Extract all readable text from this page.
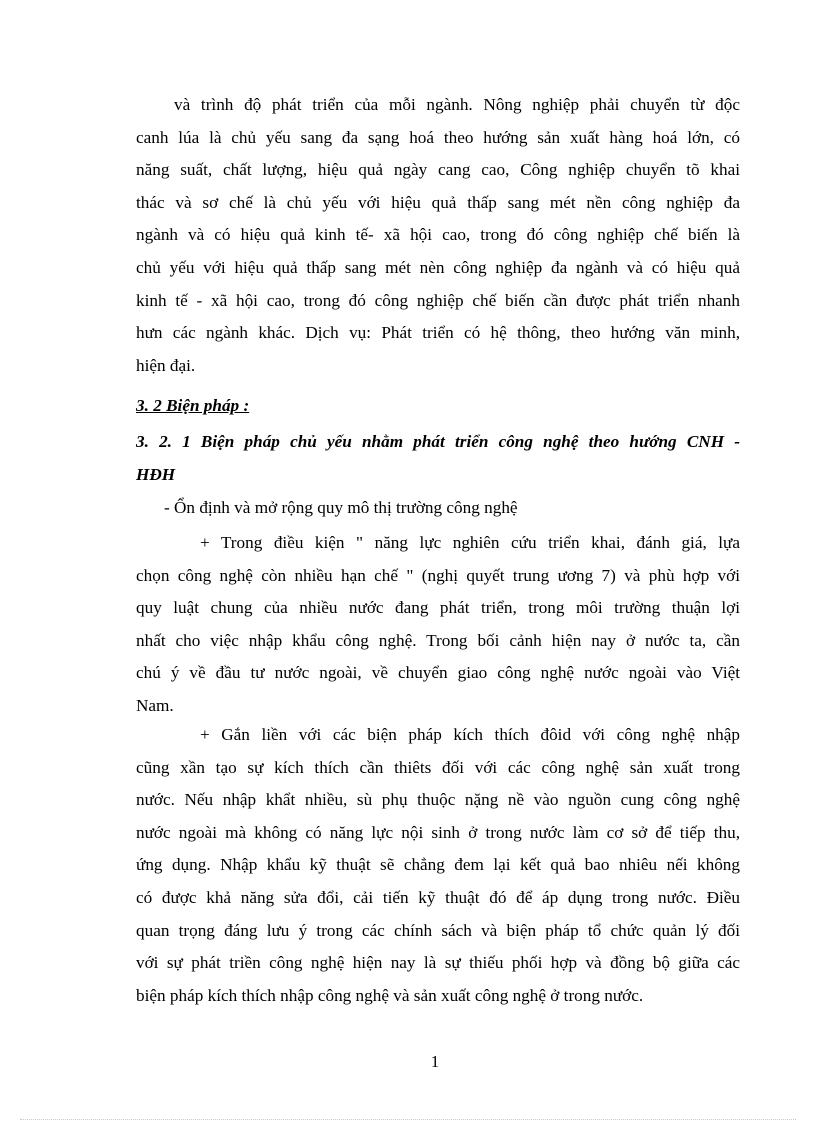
và trình độ phát triển của mỗi ngành. Nông nghiệp phải chuyển từ độc
canh lúa là chủ yếu sang đa sạng hoá theo hướng sản xuất hàng hoá lớn, có
năng suất, chất lượng, hiệu quả ngày cang cao, Công nghiệp chuyển tõ khai
thác và sơ chế là chủ yếu với hiệu quả thấp sang mét nền công nghiệp đa
ngành và có hiệu quả kinh tế- xã hội cao, trong đó công nghiệp chế biến là
chủ yếu với hiệu quả thấp sang mét nèn công nghiệp đa ngành và có hiệu quả
kinh tế - xã hội cao, trong đó công nghiệp chế biến cần được phát triển nhanh
hưn các ngành khác. Dịch vụ: Phát triển có hệ thông, theo hướng văn minh,
hiện đại.
3. 2 Biện pháp :
3. 2. 1 Biện pháp chủ yếu nhằm phát triển công nghệ theo hướng CNH -
HĐH
- Ổn định và mở rộng quy mô thị trường công nghệ
+ Trong điều kiện " năng lực nghiên cứu triển khai, đánh giá, lựa
chọn công nghệ còn nhiều hạn chế " (nghị quyết trung ương 7) và phù hợp với
quy luật chung của nhiều nước đang phát triển, trong môi trường thuận lợi
nhất cho việc nhập khẩu công nghệ. Trong bối cảnh hiện nay ở nước ta, cần
chú ý về đầu tư nước ngoài, về chuyển giao công nghệ nước ngoài vào Việt
Nam.
+ Gắn liền với các biện pháp kích thích đôid với công nghệ nhập
cũng xần tạo sự kích thích cần thiêts đối với các công nghệ sản xuất trong
nước. Nếu nhập khẩt nhiều, sù phụ thuộc nặng nề vào nguồn cung công nghệ
nước ngoài mà không có năng lực nội sinh ở trong nước làm cơ sở để tiếp thu,
ứng dụng. Nhập khẩu kỹ thuật sẽ chẳng đem lại kết quả bao nhiêu nếi không
có được khả năng sửa đổi, cải tiến kỹ thuật đó để áp dụng trong nước. Điều
quan trọng đáng lưu ý trong các chính sách và biện pháp tổ chức quản lý đối
với sự phát triền công nghệ hiện nay là sự thiếu phối hợp và đồng bộ giữa các
biện pháp kích thích nhập công nghệ và sản xuất công nghệ ở trong nước.
1
